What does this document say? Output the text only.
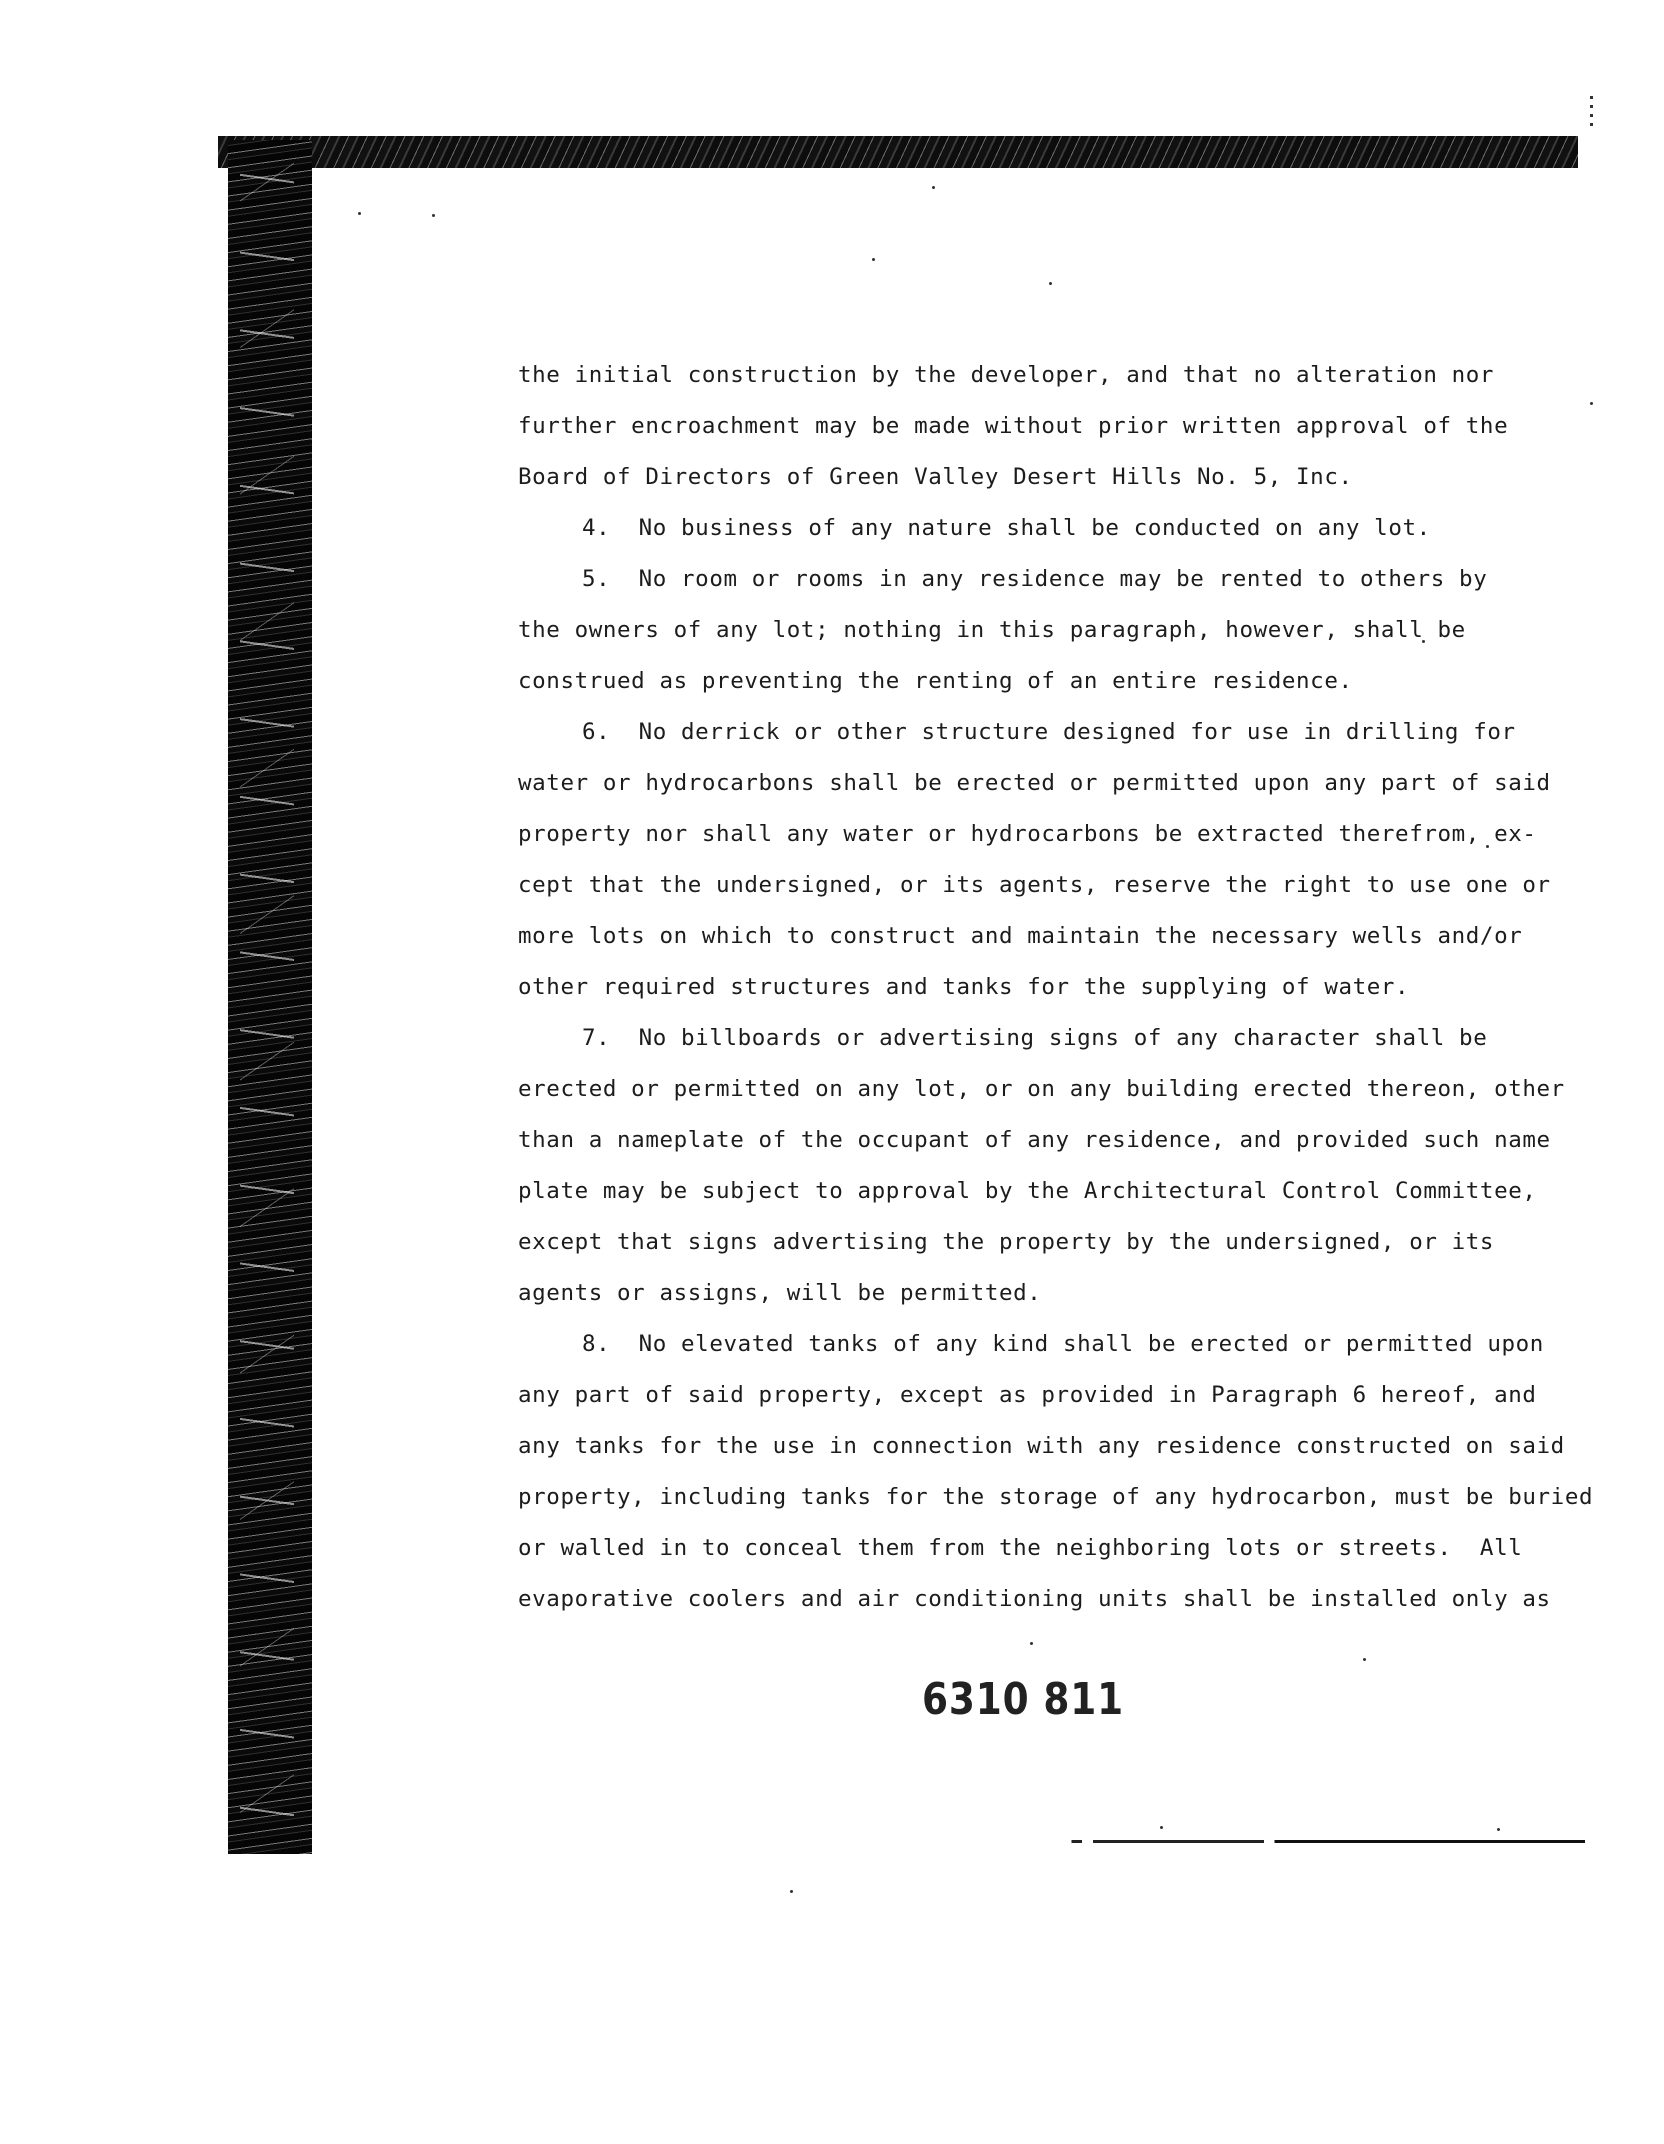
the initial construction by the developer, and that no alteration nor
further encroachment may be made without prior written approval of the
Board of Directors of Green Valley Desert Hills No. 5, Inc.
4.  No business of any nature shall be conducted on any lot.
5.  No room or rooms in any residence may be rented to others by
the owners of any lot; nothing in this paragraph, however, shall be
construed as preventing the renting of an entire residence.
6.  No derrick or other structure designed for use in drilling for
water or hydrocarbons shall be erected or permitted upon any part of said
property nor shall any water or hydrocarbons be extracted therefrom, ex-
cept that the undersigned, or its agents, reserve the right to use one or
more lots on which to construct and maintain the necessary wells and/or
other required structures and tanks for the supplying of water.
7.  No billboards or advertising signs of any character shall be
erected or permitted on any lot, or on any building erected thereon, other
than a nameplate of the occupant of any residence, and provided such name
plate may be subject to approval by the Architectural Control Committee,
except that signs advertising the property by the undersigned, or its
agents or assigns, will be permitted.
8.  No elevated tanks of any kind shall be erected or permitted upon
any part of said property, except as provided in Paragraph 6 hereof, and
any tanks for the use in connection with any residence constructed on said
property, including tanks for the storage of any hydrocarbon, must be buried
or walled in to conceal them from the neighboring lots or streets.  All
evaporative coolers and air conditioning units shall be installed only as
6310 811
